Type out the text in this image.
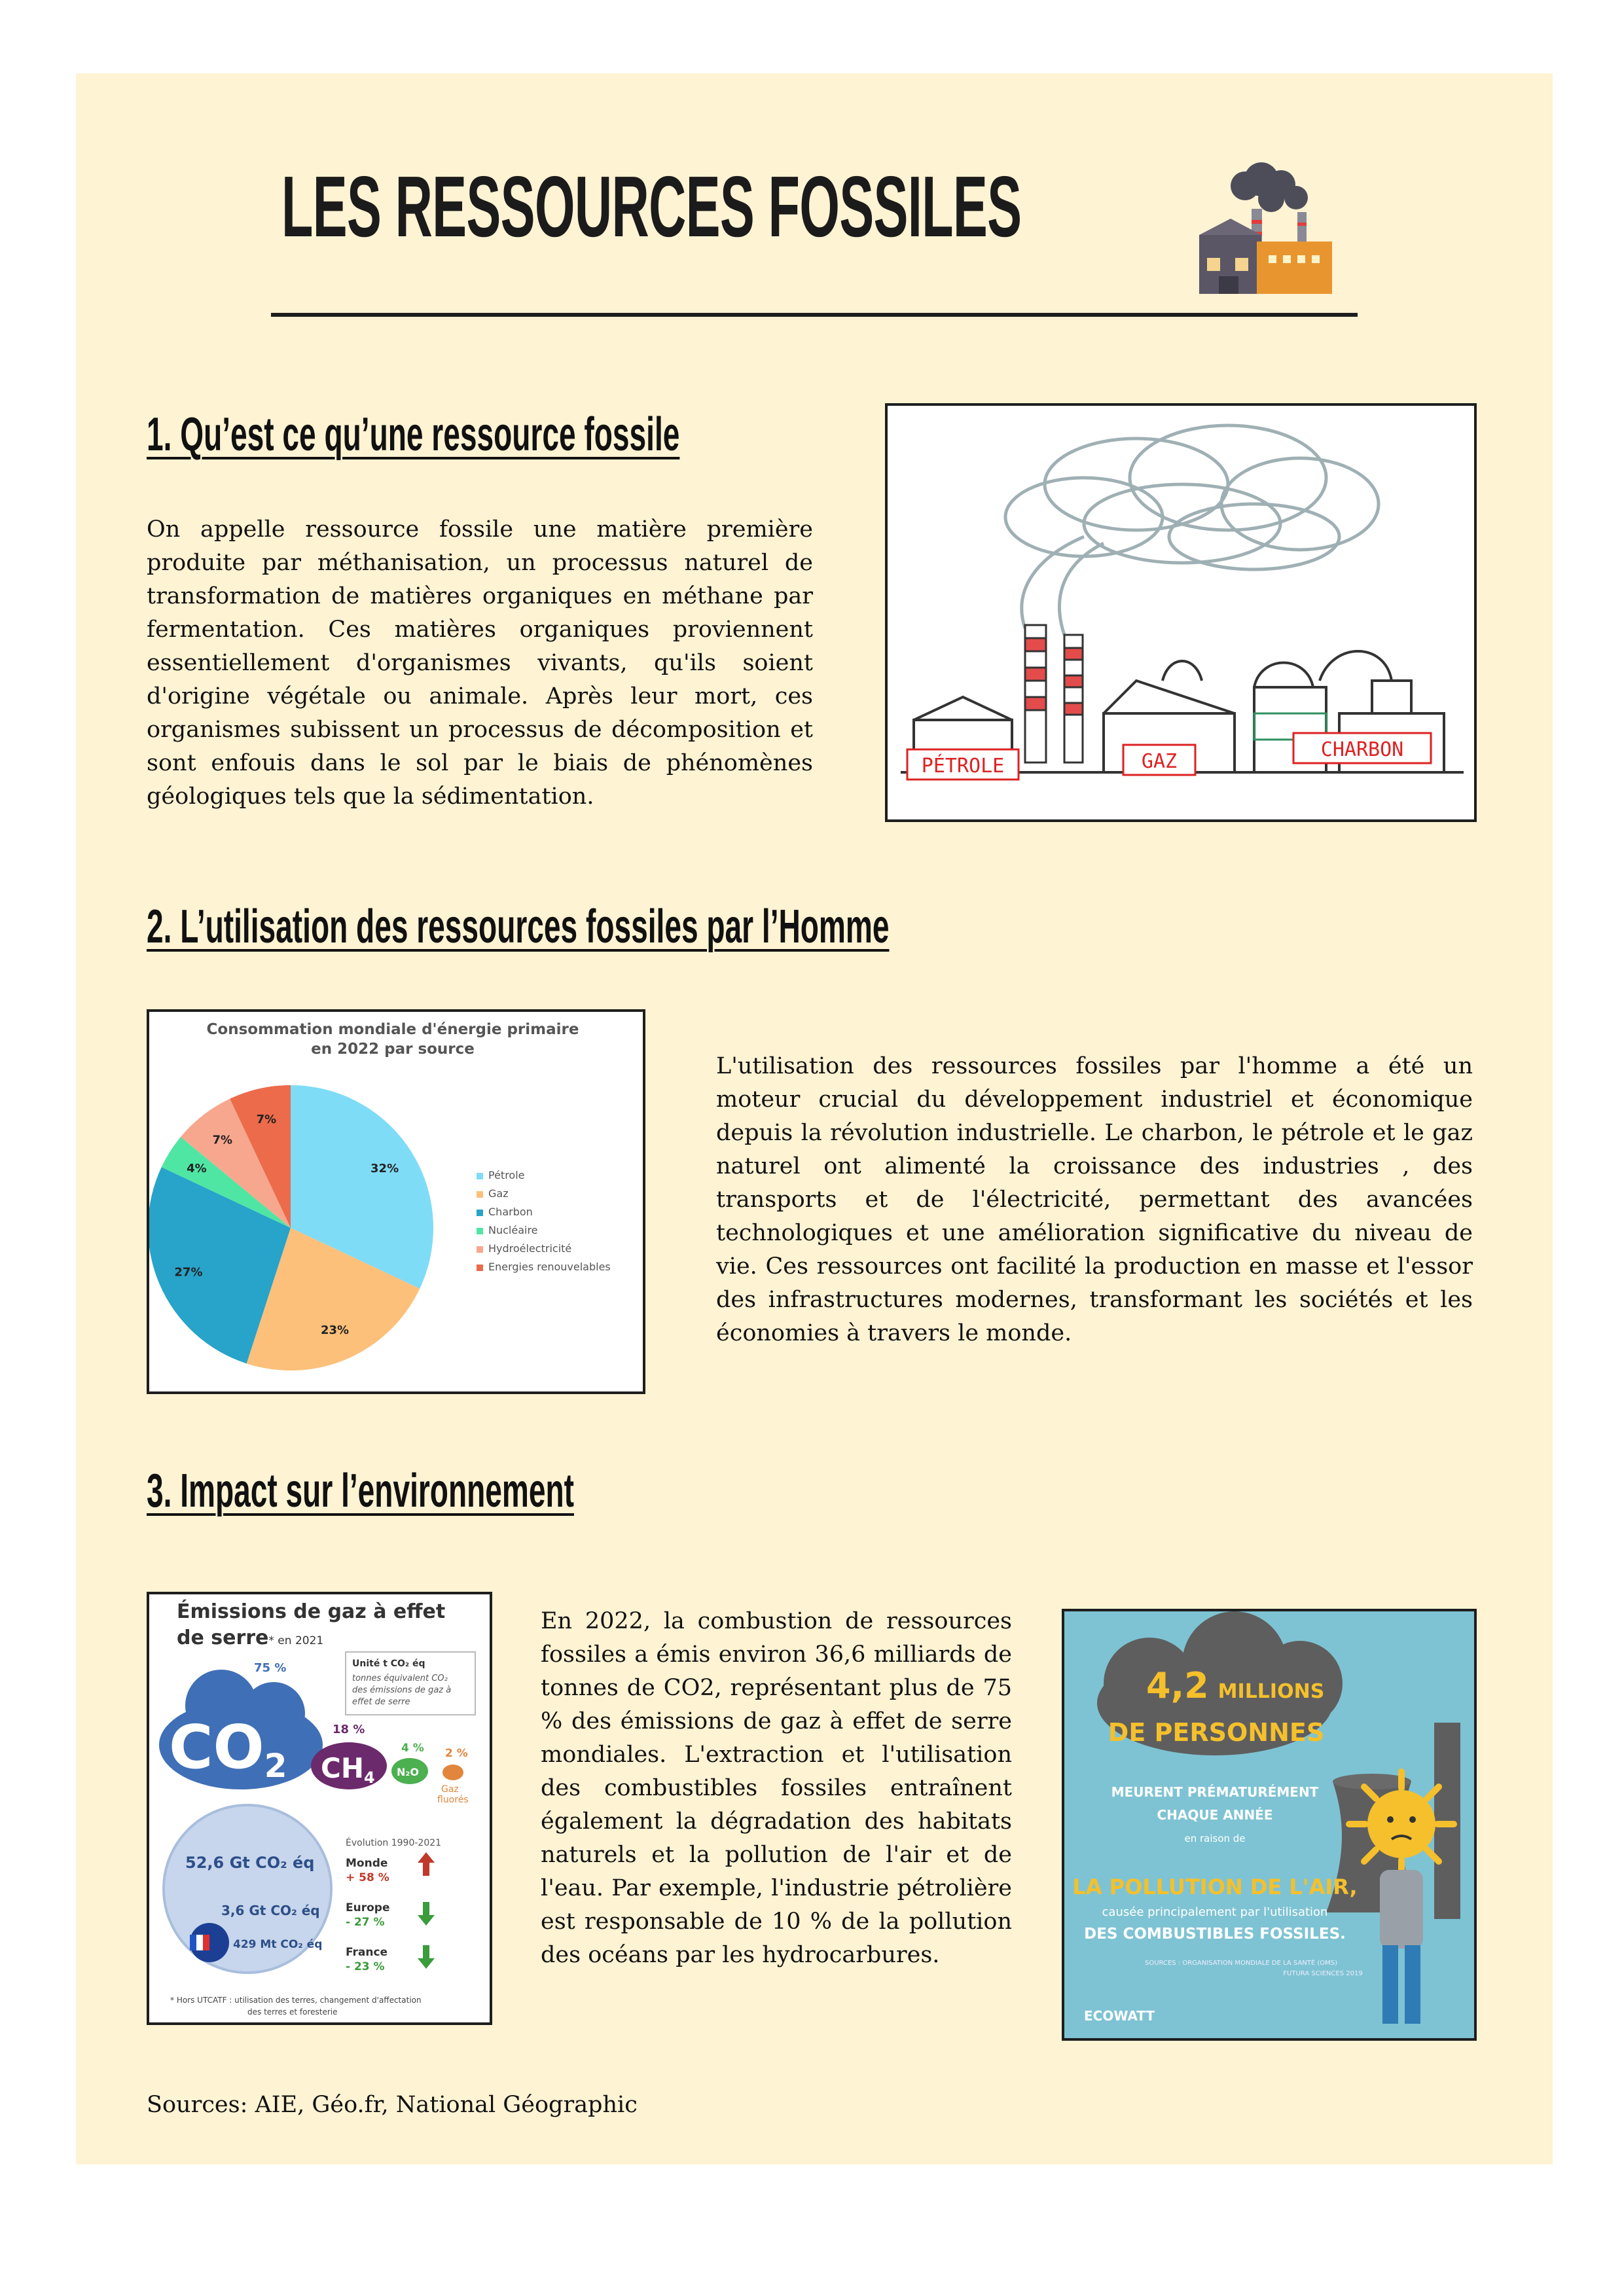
LES RESSOURCES FOSSILES
1. Qu’est ce qu’une ressource fossile

On appelle ressource fossile une matière première produite par méthanisation, un processus naturel de transformation de matières organiques en méthane par fermentation. Ces matières organiques proviennent essentiellement d'organismes vivants, qu'ils soient d'origine végétale ou animale. Après leur mort, ces organismes subissent un processus de décomposition et sont enfouis dans le sol par le biais de phénomènes géologiques tels que la sédimentation.

PÉTROLE	GAZ
CHARBON
2. L’utilisation des ressources fossiles par l’Homme
Consommation mondiale d'énergie primaire
en 2022 par source
32%
23%
27%
4%
7%
7%
Pétrole
Gaz
Charbon
Nucléaire
Hydroélectricité
Energies renouvelables

L'utilisation des ressources fossiles par l'homme a été un moteur crucial du développement industriel et économique depuis la révolution industrielle. Le charbon, le pétrole et le gaz naturel ont alimenté la croissance des industries , des transports et de l'électricité, permettant des avancées technologiques et une amélioration significative du niveau de vie. Ces ressources ont facilité la production en masse et l'essor des infrastructures modernes, transformant les sociétés et les économies à travers le monde.

3. Impact sur l’environnement
Émissions de gaz à effet
de serre* en 2021
Unité t CO₂ éq
tonnes équivalent CO₂
des émissions de gaz à
effet de serre
75 %
CO2
18 %
CH4
4 %
N₂O
2 %
Gaz
fluorés
52,6 Gt CO₂ éq
3,6 Gt CO₂ éq
429 Mt CO₂ éq
Évolution 1990-2021
Monde
+ 58 %
Europe
- 27 %
France
- 23 %
* Hors UTCATF : utilisation des terres, changement d'affectation
des terres et foresterie

En 2022, la combustion de ressources fossiles a émis environ 36,6 milliards de tonnes de CO2, représentant plus de 75 % des émissions de gaz à effet de serre mondiales. L'extraction et l'utilisation des combustibles fossiles entraînent également la dégradation des habitats naturels et la pollution de l'air et de l'eau. Par exemple, l'industrie pétrolière est responsable de 10 % de la pollution des océans par les hydrocarbures.

4,2 MILLIONS
DE PERSONNES
MEURENT PRÉMATURÉMENT
CHAQUE ANNÉE
en raison de
LA POLLUTION DE L'AIR,
causée principalement par l'utilisation
DES COMBUSTIBLES FOSSILES.
SOURCES : ORGANISATION MONDIALE DE LA SANTÉ (OMS)
FUTURA SCIENCES 2019
ECOWATT
Sources: AIE, Géo.fr, National Géographic
